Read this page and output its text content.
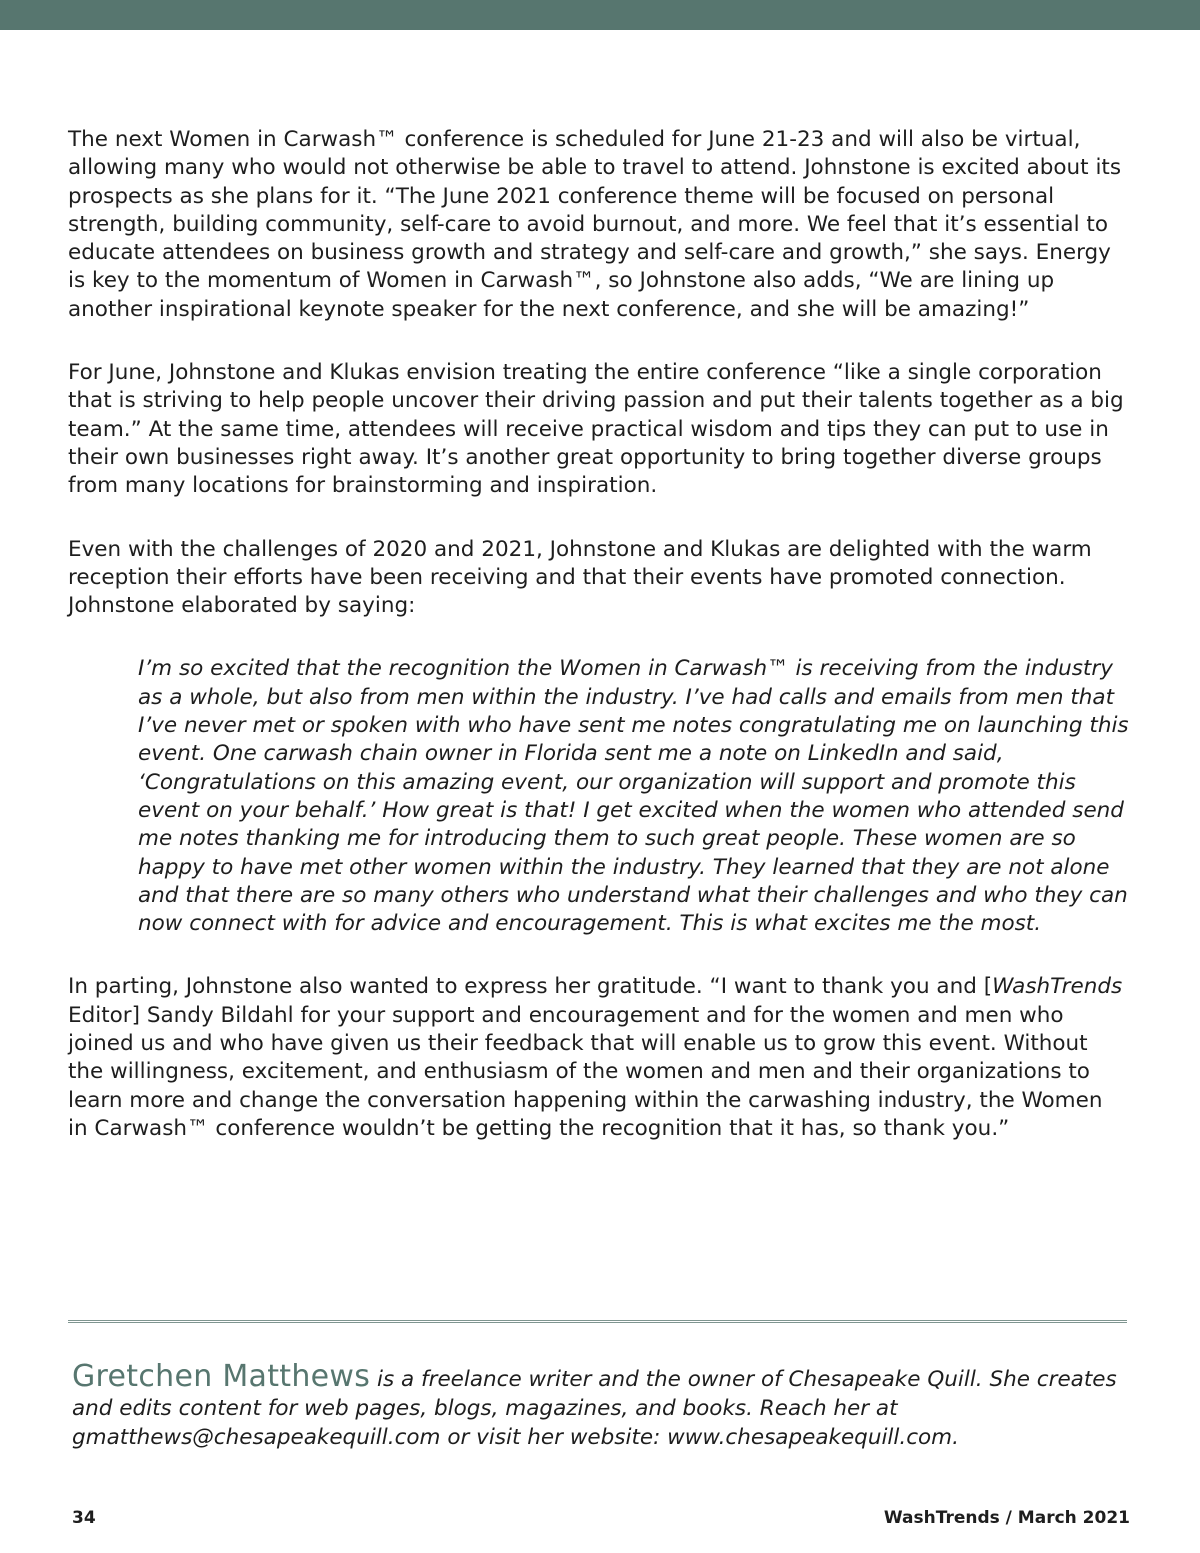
The next Women in Carwash™ conference is scheduled for June 21-23 and will also be virtual, allowing many who would not otherwise be able to travel to attend. Johnstone is excited about its prospects as she plans for it. “The June 2021 conference theme will be focused on personal strength, building community, self-care to avoid burnout, and more. We feel that it’s essential to educate attendees on business growth and strategy and self-care and growth,” she says. Energy is key to the momentum of Women in Carwash™, so Johnstone also adds, “We are lining up another inspirational keynote speaker for the next conference, and she will be amazing!”

For June, Johnstone and Klukas envision treating the entire conference “like a single corporation that is striving to help people uncover their driving passion and put their talents together as a big team.” At the same time, attendees will receive practical wisdom and tips they can put to use in their own businesses right away. It’s another great opportunity to bring together diverse groups from many locations for brainstorming and inspiration.

Even with the challenges of 2020 and 2021, Johnstone and Klukas are delighted with the warm reception their efforts have been receiving and that their events have promoted connection. Johnstone elaborated by saying:

I’m so excited that the recognition the Women in Carwash™ is receiving from the industry as a whole, but also from men within the industry. I’ve had calls and emails from men that I’ve never met or spoken with who have sent me notes congratulating me on launching this event. One carwash chain owner in Florida sent me a note on LinkedIn and said, ‘Congratulations on this amazing event, our organization will support and promote this event on your behalf.’ How great is that! I get excited when the women who attended send me notes thanking me for introducing them to such great people. These women are so happy to have met other women within the industry. They learned that they are not alone and that there are so many others who understand what their challenges and who they can now connect with for advice and encouragement. This is what excites me the most.

In parting, Johnstone also wanted to express her gratitude. “I want to thank you and [WashTrends Editor] Sandy Bildahl for your support and encouragement and for the women and men who joined us and who have given us their feedback that will enable us to grow this event. Without the willingness, excitement, and enthusiasm of the women and men and their organizations to learn more and change the conversation happening within the carwashing industry, the Women in Carwash™ conference wouldn’t be getting the recognition that it has, so thank you.”

Gretchen Matthews is a freelance writer and the owner of Chesapeake Quill. She creates and edits content for web pages, blogs, magazines, and books. Reach her at gmatthews@chesapeakequill.com or visit her website: www.chesapeakequill.com.
34	WashTrends / March 2021
